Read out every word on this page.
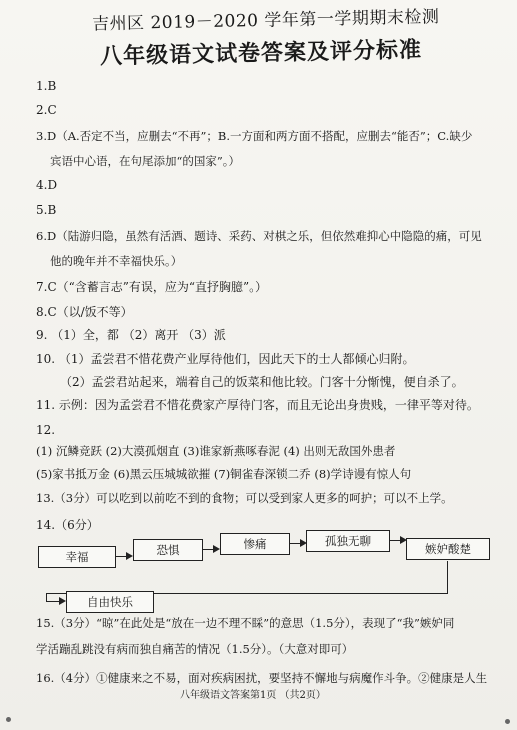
吉州区 2019－2020 学年第一学期期末检测
八年级语文试卷答案及评分标准
1.B
2.C
3.D（A.否定不当，应删去“不再”；B.一方面和两方面不搭配，应删去“能否”；C.缺少
宾语中心语，在句尾添加“的国家”。）
4.D
5.B
6.D（陆游归隐，虽然有活酒、题诗、采药、对棋之乐，但依然难抑心中隐隐的痛，可见
他的晚年并不幸福快乐。）
7.C（“含蓄言志”有误，应为“直抒胸臆”。）
8.C（以/饭不等）
9. （1）全，都 （2）离开 （3）派
10. （1）孟尝君不惜花费产业厚待他们，因此天下的士人都倾心归附。
（2）孟尝君站起来，端着自己的饭菜和他比较。门客十分惭愧，便自杀了。
11. 示例：因为孟尝君不惜花费家产厚待门客，而且无论出身贵贱，一律平等对待。
12.
(1) 沉鳞竞跃 (2)大漠孤烟直 (3)谁家新燕啄春泥 (4) 出则无敌国外患者
(5)家书抵万金 (6)黑云压城城欲摧 (7)铜雀春深锁二乔 (8)学诗谩有惊人句
13.（3分）可以吃到以前吃不到的食物；可以受到家人更多的呵护；可以不上学。
14.（6分）
幸福	恐惧	惨痛	孤独无聊
嫉妒酸楚
自由快乐
15.（3分）“晾”在此处是“放在一边不理不睬”的意思（1.5分），表现了“我”嫉妒同
学活蹦乱跳没有病而独自痛苦的情况（1.5分）。（大意对即可）
16.（4分）①健康来之不易，面对疾病困扰，要坚持不懈地与病魔作斗争。②健康是人生
八年级语文答案第1页 （共2页）
